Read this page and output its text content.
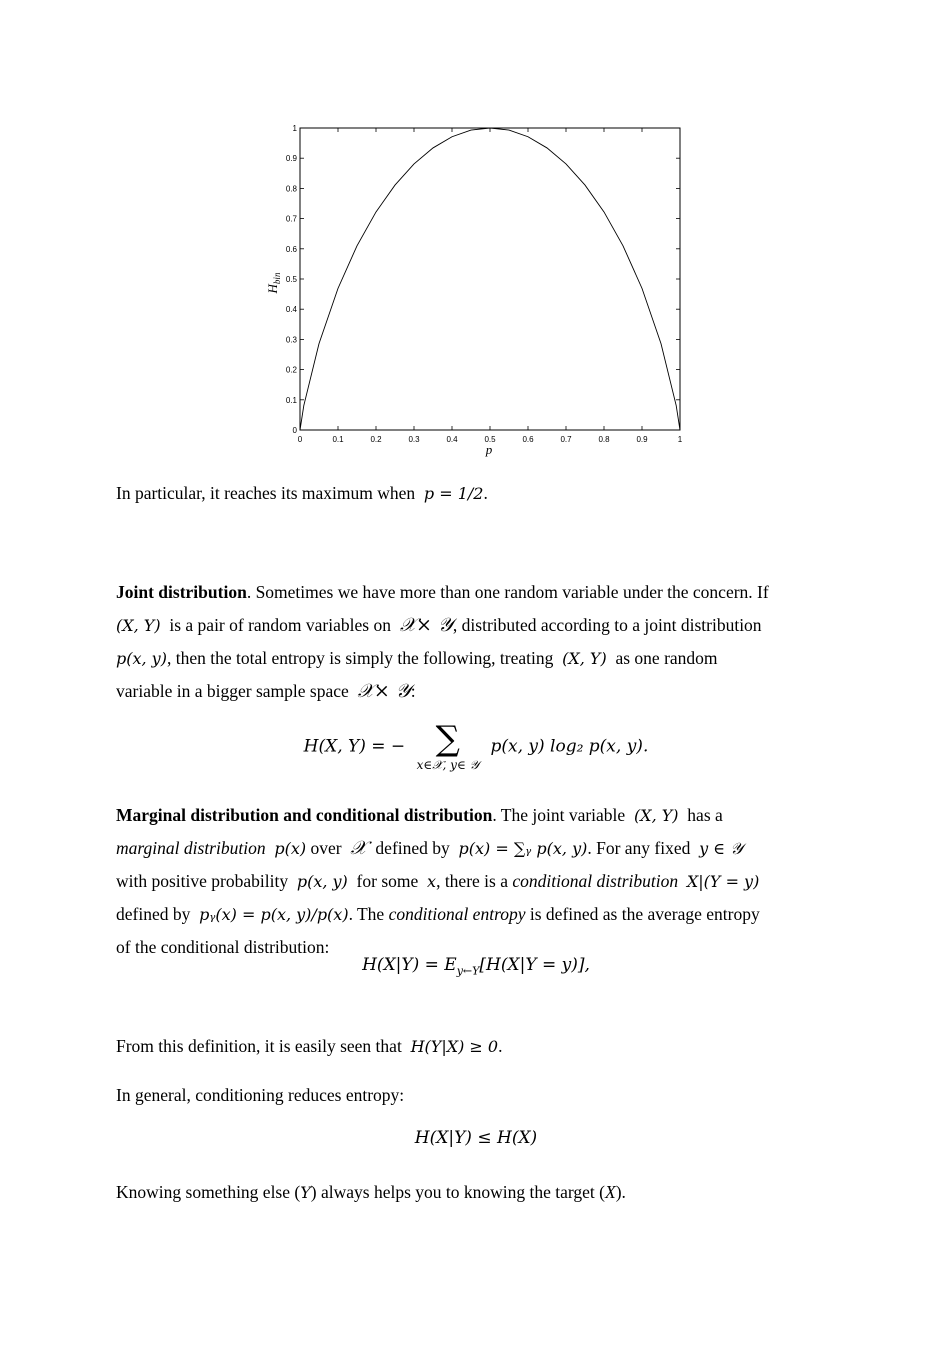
0	0.1	0.2	0.3	0.4	0.5	0.6	0.7	0.8	0.9	1
0
0.1
0.2
0.3
0.4
0.5
0.6
0.7
0.8
0.9
1
p
$H_{bin}$
In particular, it reaches its maximum when p = 1/2.
Joint distribution. Sometimes we have more than one random variable under the concern. If
(X, Y) is a pair of random variables on 𝒳× 𝒴, distributed according to a joint distribution
p(x, y), then the total entropy is simply the following, treating (X, Y) as one random
variable in a bigger sample space 𝒳× 𝒴:
H(X, Y) = − ∑
x∈𝒳, y∈ 𝒴
p(x, y) log₂ p(x, y).
Marginal distribution and conditional distribution. The joint variable (X, Y) has a
marginal distribution p(x) over 𝒳 defined by p(x) = ∑ᵧ p(x, y). For any fixed y ∈ 𝒴
with positive probability p(x, y) for some x, there is a conditional distribution X|(Y = y)
defined by pᵧ(x) = p(x, y)/p(x). The conditional entropy is defined as the average entropy
of the conditional distribution:
$H(X|Y) = E_{y\leftarrow Y}[H(X|Y = y)]$,
From this definition, it is easily seen that H(Y|X) ≥ 0.
In general, conditioning reduces entropy:
H(X|Y) ≤ H(X)
Knowing something else (Y) always helps you to knowing the target (X).
